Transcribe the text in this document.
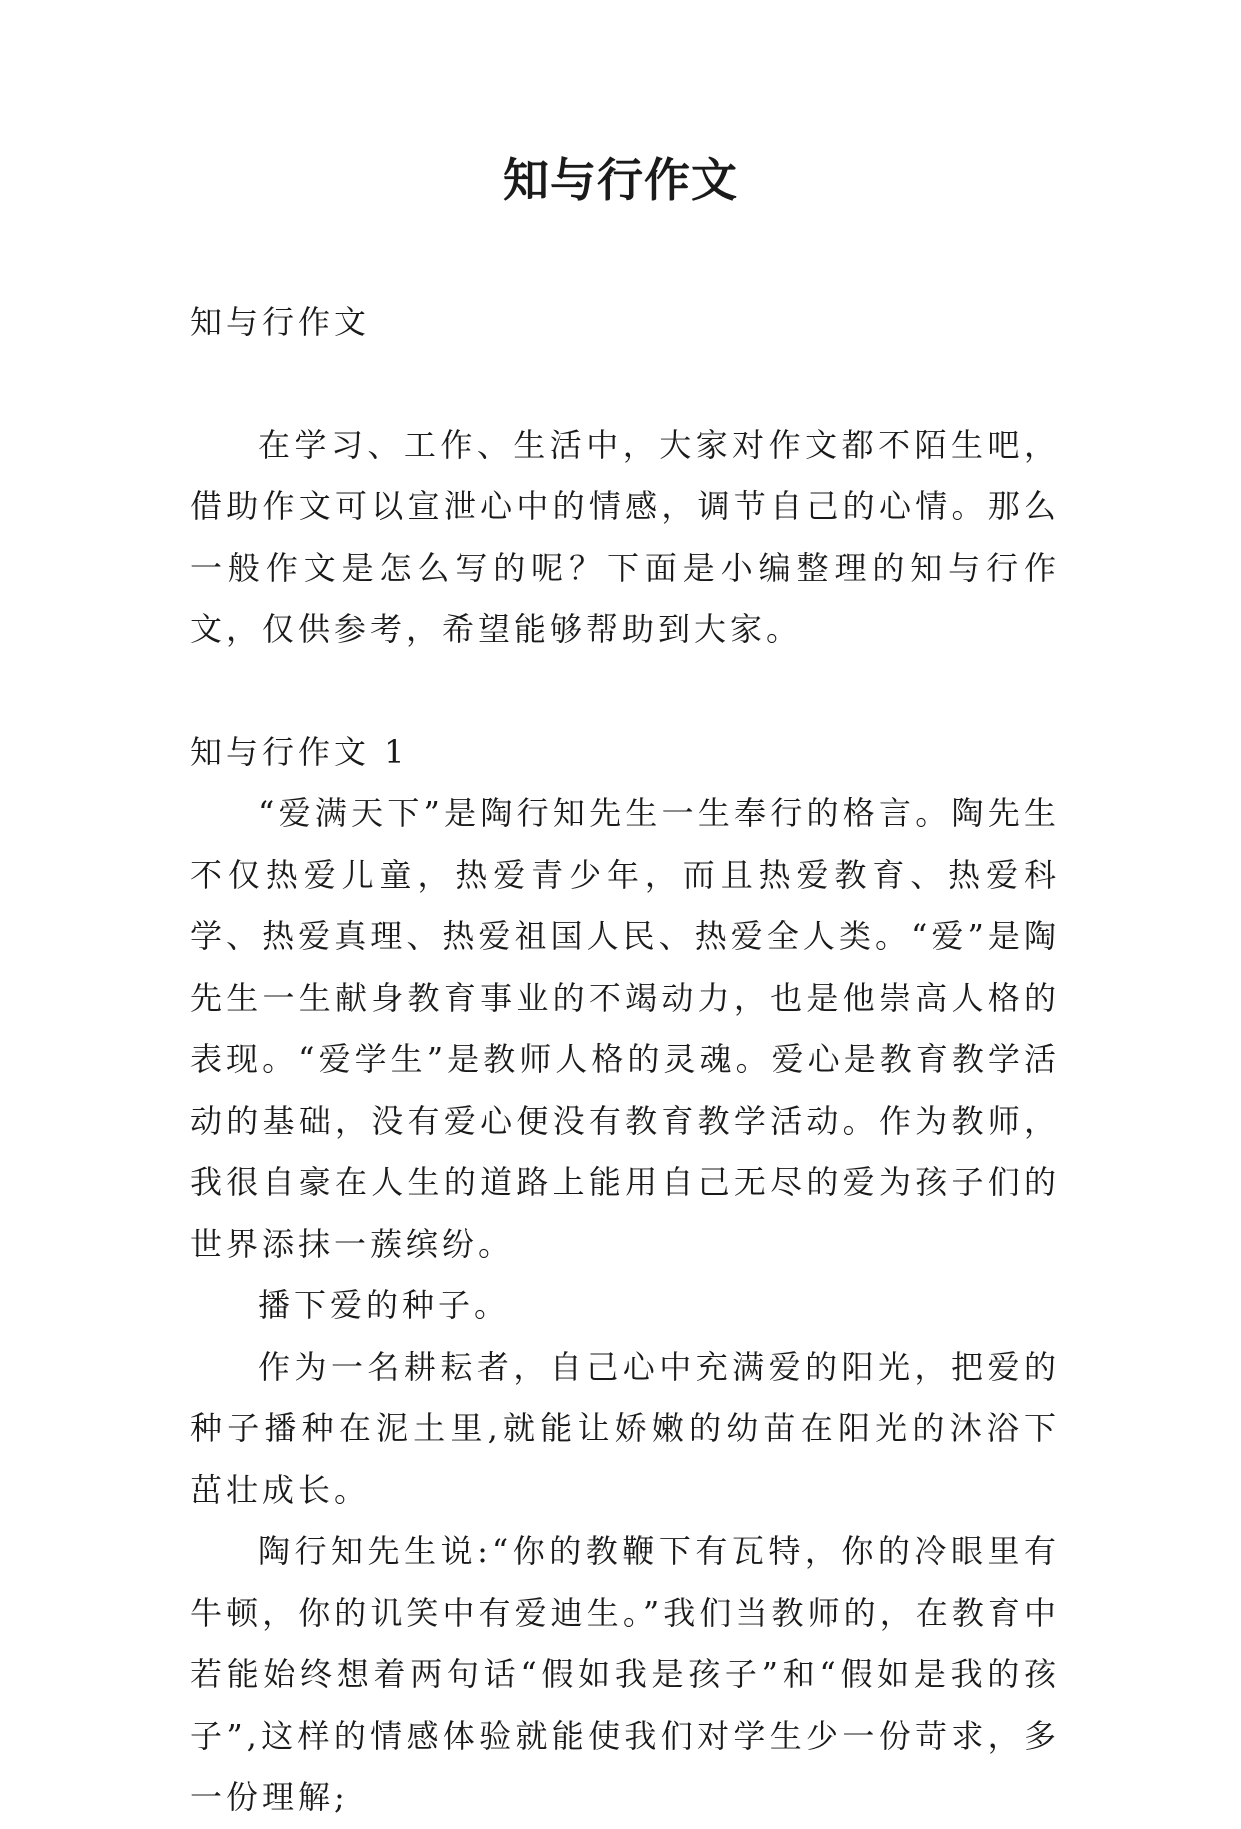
知与行作文

知与行作文

在学习、工作、生活中，大家对作文都不陌生吧，借助作文可以宣泄心中的情感，调节自己的心情。那么一般作文是怎么写的呢？下面是小编整理的知与行作文，仅供参考，希望能够帮助到大家。

知与行作文 1

“爱满天下”是陶行知先生一生奉行的格言。陶先生不仅热爱儿童，热爱青少年，而且热爱教育、热爱科学、热爱真理、热爱祖国人民、热爱全人类。“爱”是陶先生一生献身教育事业的不竭动力，也是他崇高人格的表现。“爱学生”是教师人格的灵魂。爱心是教育教学活动的基础，没有爱心便没有教育教学活动。作为教师，我很自豪在人生的道路上能用自己无尽的爱为孩子们的世界添抹一蔟缤纷。

播下爱的种子。

作为一名耕耘者，自己心中充满爱的阳光，把爱的种子播种在泥土里,就能让娇嫩的幼苗在阳光的沐浴下茁壮成长。

陶行知先生说:“你的教鞭下有瓦特，你的冷眼里有牛顿，你的讥笑中有爱迪生。”我们当教师的，在教育中若能始终想着两句话“假如我是孩子”和“假如是我的孩子”,这样的情感体验就能使我们对学生少一份苛求，多一份理解;
